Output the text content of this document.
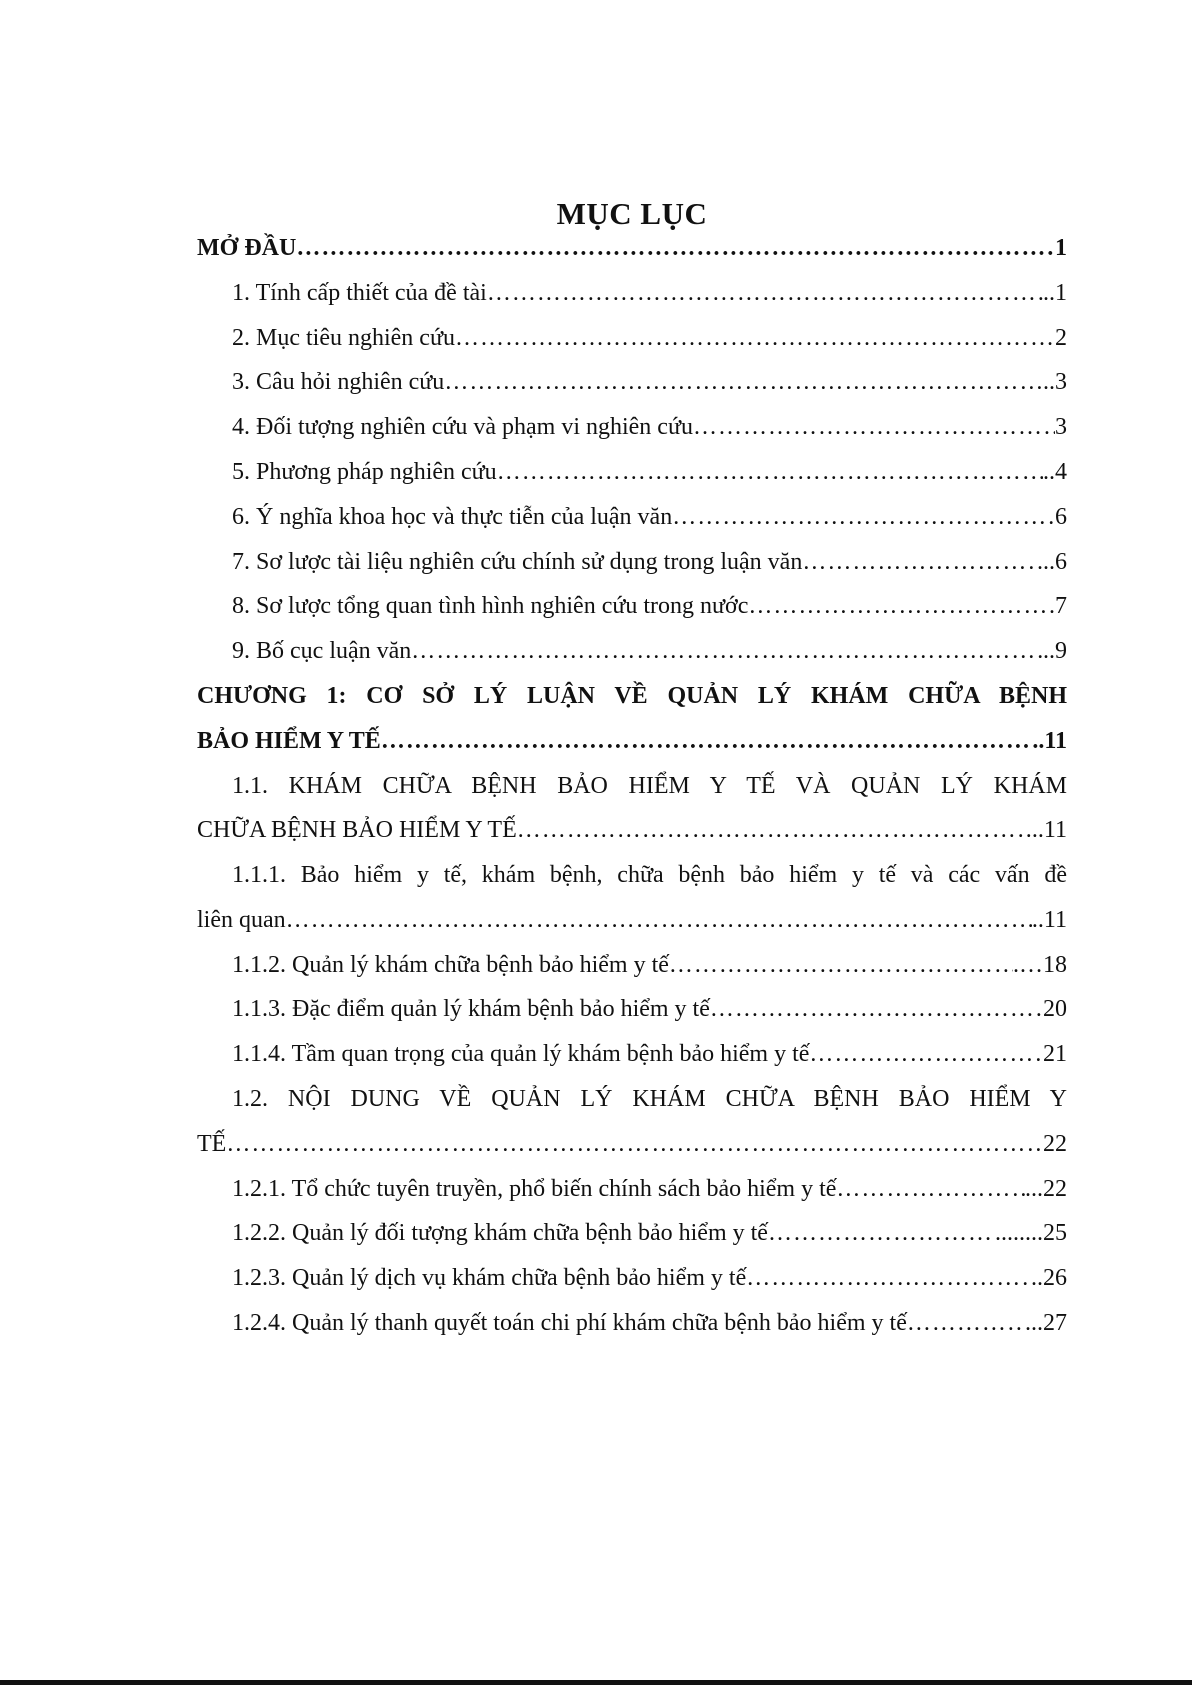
MỤC LỤC
MỞ ĐẦU ………………………………………………………………………………………………………………………………………………………………	1
1. Tính cấp thiết của đề tài ………………………………………………………………………………………………………………………………………………………………	..1
2. Mục tiêu nghiên cứu ………………………………………………………………………………………………………………………………………………………………	2
3. Câu hỏi nghiên cứu ………………………………………………………………………………………………………………………………………………………………	..3
4. Đối tượng nghiên cứu và phạm vi nghiên cứu ………………………………………………………………………………………………………………………………………………………………	3
5. Phương pháp nghiên cứu ………………………………………………………………………………………………………………………………………………………………	..4
6. Ý nghĩa khoa học và thực tiễn của luận văn ………………………………………………………………………………………………………………………………………………………………	6
7. Sơ lược tài liệu nghiên cứu chính sử dụng trong luận văn ………………………………………………………………………………………………………………………………………………………………	...6
8. Sơ lược tổng quan tình hình nghiên cứu trong nước ………………………………………………………………………………………………………………………………………………………………	.7
9. Bố cục luận văn ………………………………………………………………………………………………………………………………………………………………	..9
CHƯƠNG 1: CƠ SỞ LÝ LUẬN VỀ QUẢN LÝ KHÁM CHỮA BỆNH
BẢO HIỂM Y TẾ ………………………………………………………………………………………………………………………………………………………………	..11
1.1. KHÁM CHỮA BỆNH BẢO HIỂM Y TẾ VÀ QUẢN LÝ KHÁM
CHỮA BỆNH BẢO HIỂM Y TẾ ………………………………………………………………………………………………………………………………………………………………	..11
1.1.1. Bảo hiểm y tế, khám bệnh, chữa bệnh bảo hiểm y tế và các vấn đề
liên quan ………………………………………………………………………………………………………………………………………………………………	..11
1.1.2. Quản lý khám chữa bệnh bảo hiểm y tế ………………………………………………………………………………………………………………………………………………………………	.…18
1.1.3. Đặc điểm quản lý khám bệnh bảo hiểm y tế ………………………………………………………………………………………………………………………………………………………………	20
1.1.4. Tầm quan trọng của quản lý khám bệnh bảo hiểm y tế ………………………………………………………………………………………………………………………………………………………………	21
1.2. NỘI DUNG VỀ QUẢN LÝ KHÁM CHỮA BỆNH BẢO HIỂM Y
TẾ ………………………………………………………………………………………………………………………………………………………………	22
1.2.1. Tổ chức tuyên truyền, phổ biến chính sách bảo hiểm y tế ………………………………………………………………………………………………………………………………………………………………	...22
1.2.2. Quản lý đối tượng khám chữa bệnh bảo hiểm y tế ………………………………………………………………………………………………………………………………………………………………	........25
1.2.3. Quản lý dịch vụ khám chữa bệnh bảo hiểm y tế ………………………………………………………………………………………………………………………………………………………………	..26
1.2.4. Quản lý thanh quyết toán chi phí khám chữa bệnh bảo hiểm y tế ………………………………………………………………………………………………………………………………………………………………	...27
